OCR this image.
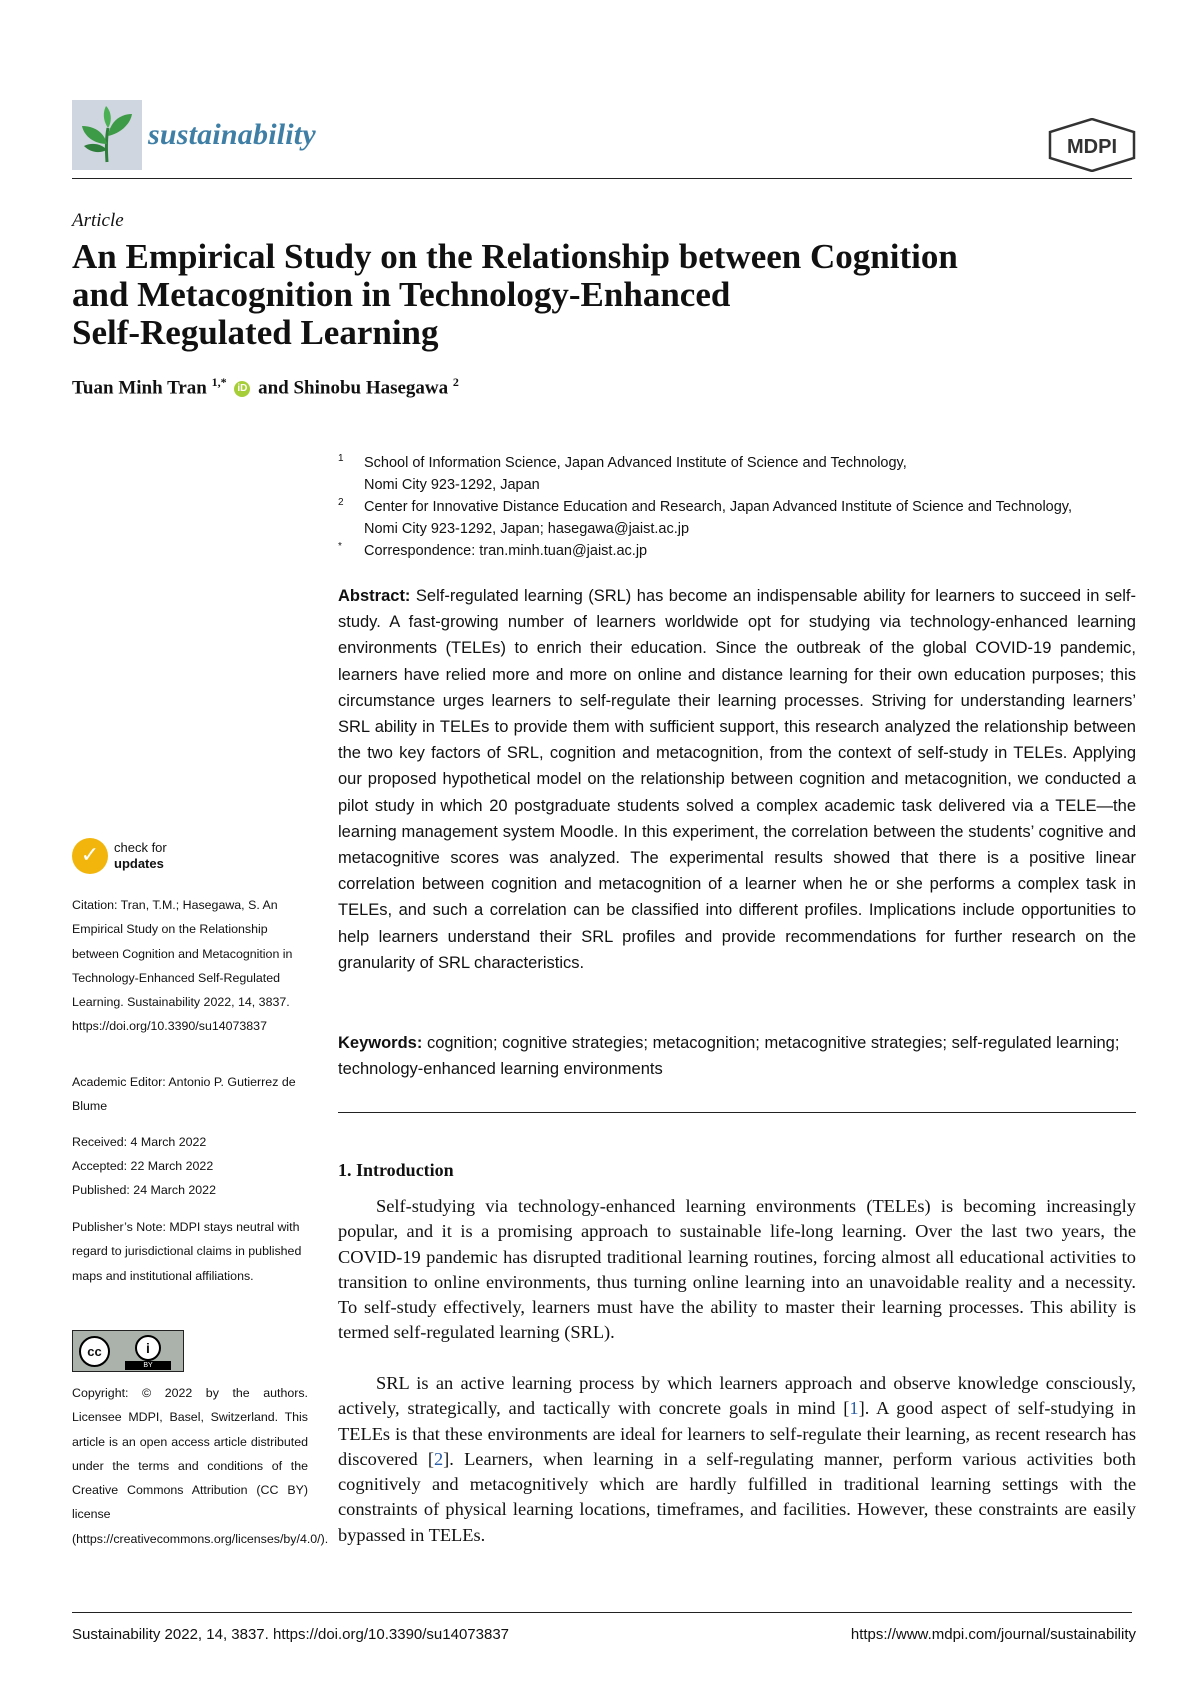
sustainability	MDPI
Article
An Empirical Study on the Relationship between Cognition
and Metacognition in Technology-Enhanced
Self-Regulated Learning
Tuan Minh Tran $^{1,*}$ iD and Shinobu Hasegawa $^2$
1 School of Information Science, Japan Advanced Institute of Science and Technology,
Nomi City 923-1292, Japan
2 Center for Innovative Distance Education and Research, Japan Advanced Institute of Science and Technology,
Nomi City 923-1292, Japan; hasegawa@jaist.ac.jp
* Correspondence: tran.minh.tuan@jaist.ac.jp
Abstract: Self-regulated learning (SRL) has become an indispensable ability for learners to succeed in self-study. A fast-growing number of learners worldwide opt for studying via technology-enhanced learning environments (TELEs) to enrich their education. Since the outbreak of the global COVID-19 pandemic, learners have relied more and more on online and distance learning for their own education purposes; this circumstance urges learners to self-regulate their learning processes. Striving for understanding learners’ SRL ability in TELEs to provide them with sufficient support, this research analyzed the relationship between the two key factors of SRL, cognition and metacognition, from the context of self-study in TELEs. Applying our proposed hypothetical model on the relationship between cognition and metacognition, we conducted a pilot study in which 20 postgraduate students solved a complex academic task delivered via a TELE—the learning management system Moodle. In this experiment, the correlation between the students’ cognitive and metacognitive scores was analyzed. The experimental results showed that there is a positive linear correlation between cognition and metacognition of a learner when he or she performs a complex task in TELEs, and such a correlation can be classified into different profiles. Implications include opportunities to help learners understand their SRL profiles and provide recommendations for further research on the granularity of SRL characteristics.
Keywords: cognition; cognitive strategies; metacognition; metacognitive strategies; self-regulated learning; technology-enhanced learning environments
1. Introduction
Self-studying via technology-enhanced learning environments (TELEs) is becoming increasingly popular, and it is a promising approach to sustainable life-long learning. Over the last two years, the COVID-19 pandemic has disrupted traditional learning routines, forcing almost all educational activities to transition to online environments, thus turning online learning into an unavoidable reality and a necessity. To self-study effectively, learners must have the ability to master their learning processes. This ability is termed self-regulated learning (SRL).
SRL is an active learning process by which learners approach and observe knowledge consciously, actively, strategically, and tactically with concrete goals in mind [1]. A good aspect of self-studying in TELEs is that these environments are ideal for learners to self-regulate their learning, as recent research has discovered [2]. Learners, when learning in a self-regulating manner, perform various activities both cognitively and metacognitively which are hardly fulfilled in traditional learning settings with the constraints of physical learning locations, timeframes, and facilities. However, these constraints are easily bypassed in TELEs.
✓	check for
updates
Citation: Tran, T.M.; Hasegawa, S. An Empirical Study on the Relationship between Cognition and Metacognition in Technology-Enhanced Self-Regulated Learning. Sustainability 2022, 14, 3837. https://doi.org/10.3390/su14073837
Academic Editor: Antonio P. Gutierrez de Blume
Received: 4 March 2022
Accepted: 22 March 2022
Published: 24 March 2022
Publisher’s Note: MDPI stays neutral with regard to jurisdictional claims in published maps and institutional affiliations.
cc	i
BY
Copyright: © 2022 by the authors. Licensee MDPI, Basel, Switzerland. This article is an open access article distributed under the terms and conditions of the Creative Commons Attribution (CC BY) license (https://creativecommons.org/licenses/by/4.0/).
Sustainability 2022, 14, 3837. https://doi.org/10.3390/su14073837	https://www.mdpi.com/journal/sustainability
